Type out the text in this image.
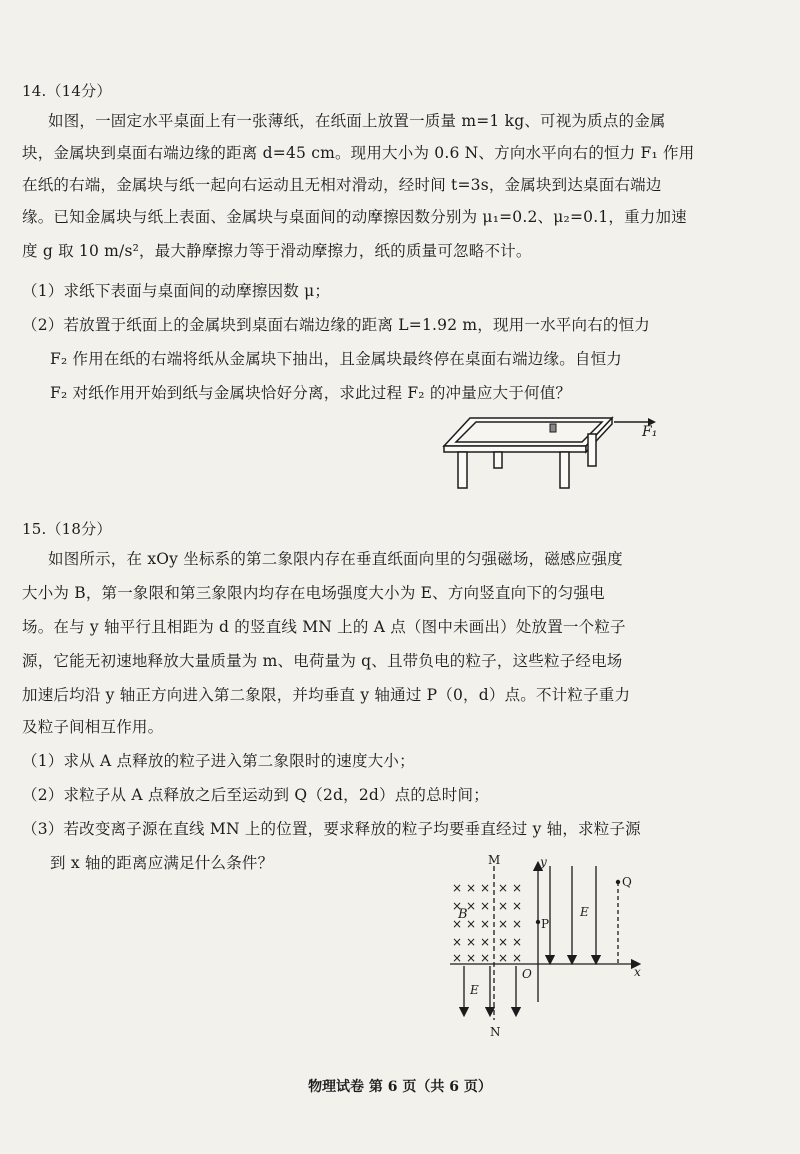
14.（14分）
如图，一固定水平桌面上有一张薄纸，在纸面上放置一质量 m=1 kg、可视为质点的金属
块，金属块到桌面右端边缘的距离 d=45 cm。现用大小为 0.6 N、方向水平向右的恒力 F₁ 作用
在纸的右端，金属块与纸一起向右运动且无相对滑动，经时间 t=3s，金属块到达桌面右端边
缘。已知金属块与纸上表面、金属块与桌面间的动摩擦因数分别为 μ₁=0.2、μ₂=0.1，重力加速
度 g 取 10 m/s²，最大静摩擦力等于滑动摩擦力，纸的质量可忽略不计。
（1）求纸下表面与桌面间的动摩擦因数 μ；
（2）若放置于纸面上的金属块到桌面右端边缘的距离 L=1.92 m，现用一水平向右的恒力
F₂ 作用在纸的右端将纸从金属块下抽出，且金属块最终停在桌面右端边缘。自恒力
F₂ 对纸作用开始到纸与金属块恰好分离，求此过程 F₂ 的冲量应大于何值？
F₁
15.（18分）
如图所示，在 xOy 坐标系的第二象限内存在垂直纸面向里的匀强磁场，磁感应强度
大小为 B，第一象限和第三象限内均存在电场强度大小为 E、方向竖直向下的匀强电
场。在与 y 轴平行且相距为 d 的竖直线 MN 上的 A 点（图中未画出）处放置一个粒子
源，它能无初速地释放大量质量为 m、电荷量为 q、且带负电的粒子，这些粒子经电场
加速后均沿 y 轴正方向进入第二象限，并均垂直 y 轴通过 P（0，d）点。不计粒子重力
及粒子间相互作用。
（1）求从 A 点释放的粒子进入第二象限时的速度大小；
（2）求粒子从 A 点释放之后至运动到 Q（2d，2d）点的总时间；
（3）若改变离子源在直线 MN 上的位置，要求释放的粒子均要垂直经过 y 轴，求粒子源
到 x 轴的距离应满足什么条件？
× × × × ×
× × × × ×
× × × × ×
× × × × ×
× × × × ×
M
N
y
x
O
P
Q
B	E
E
物理试卷 第 6 页（共 6 页）
